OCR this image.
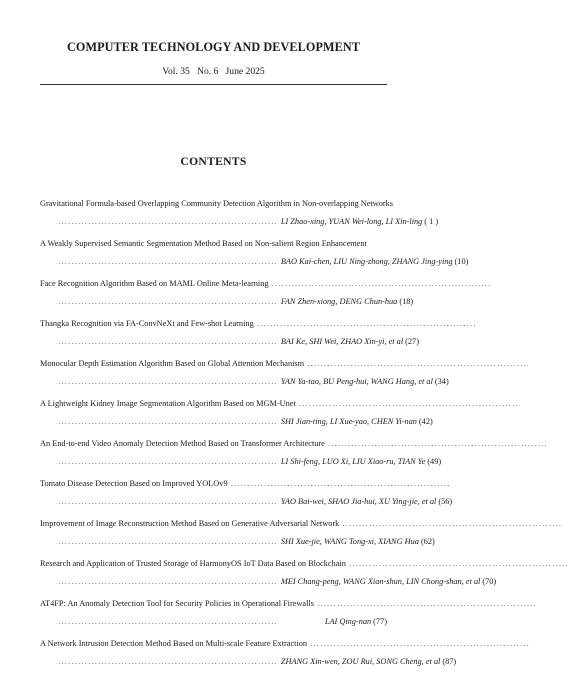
COMPUTER TECHNOLOGY AND DEVELOPMENT
Vol. 35 No. 6 June 2025
CONTENTS
Gravitational Formula-based Overlapping Community Detection Algorithm in Non-overlapping Networks
·································································· LI Zhao-xing, YUAN Wei-long, LI Xin-ling ( 1 )
A Weakly Supervised Semantic Segmentation Method Based on Non-salient Region Enhancement
·································································· BAO Kai-chen, LIU Ning-zhong, ZHANG Jing-ying (10)
Face Recognition Algorithm Based on MAML Online Meta-learning ··································································
·································································· FAN Zhen-xiong, DENG Chun-hua (18)
Thangka Recognition via FA-ConvNeXt and Few-shot Learning ··································································
·································································· BAI Ke, SHI Wei, ZHAO Xin-yi, et al (27)
Monocular Depth Estimation Algorithm Based on Global Attention Mechanism ··································································
·································································· YAN Ya-tao, BU Peng-hui, WANG Hang, et al (34)
A Lightweight Kidney Image Segmentation Algorithm Based on MGM-Unet ··································································
·································································· SHI Jian-ting, LI Xue-yao, CHEN Yi-nan (42)
An End-to-end Video Anomaly Detection Method Based on Transformer Architecture ··································································
·································································· LI Shi-feng, LUO Xi, LIU Xiao-ru, TIAN Ye (49)
Tomato Disease Detection Based on Improved YOLOv9 ··································································
·································································· YAO Bai-wei, SHAO Jia-hui, XU Ying-jie, et al (56)
Improvement of Image Reconstruction Method Based on Generative Adversarial Network ··································································
·································································· SHI Xue-jie, WANG Tong-xi, XIANG Hua (62)
Research and Application of Trusted Storage of HarmonyOS IoT Data Based on Blockchain ··································································
·································································· MEI Chang-peng, WANG Xian-shun, LIN Chong-shan, et al (70)
AT4FP: An Anomaly Detection Tool for Security Policies in Operational Firewalls ··································································
··································································	LAI Qing-nan (77)
A Network Intrusion Detection Method Based on Multi-scale Feature Extraction ··································································
·································································· ZHANG Xin-wen, ZOU Rui, SONG Cheng, et al (87)
